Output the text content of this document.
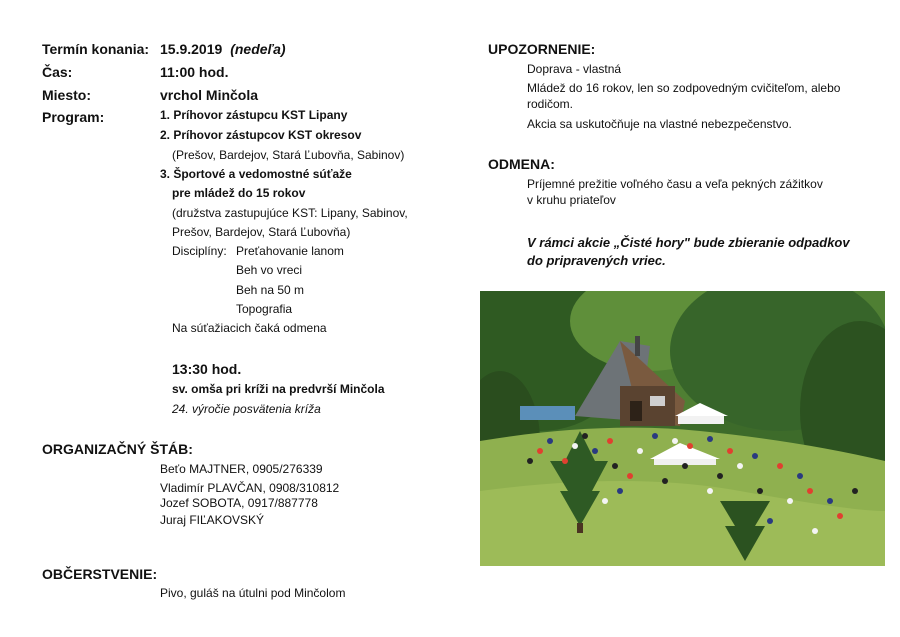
Termín konania: 15.9.2019 (nedeľa)
Čas:	11:00 hod.
Miesto:	vrchol Minčola
Program:	1. Príhovor zástupcu KST Lipany
2. Príhovor zástupcov KST okresov
(Prešov, Bardejov, Stará Ľubovňa, Sabinov)
3. Športové a vedomostné súťaže
pre mládež do 15 rokov
(družstva zastupujúce KST: Lipany, Sabinov,
Prešov, Bardejov, Stará Ľubovňa)
Disciplíny: Preťahovanie lanom
Beh vo vreci
Beh na 50 m
Topografia
Na súťažiacich čaká odmena
13:30 hod.
sv. omša pri kríži na predvrší Minčola
24. výročie posvätenia kríža
ORGANIZAČNÝ ŠTÁB:
Beťo MAJTNER, 0905/276339
Vladimír PLAVČAN, 0908/310812
Jozef SOBOTA, 0917/887778
Juraj FIĽAKOVSKÝ
OBČERSTVENIE:
Pivo, guláš na útulni pod Minčolom
UPOZORNENIE:
Doprava - vlastná
Mládež do 16 rokov, len so zodpovedným cvičiteľom, alebo
rodičom.
Akcia sa uskutočňuje na vlastné nebezpečenstvo.
ODMENA:
Príjemné prežitie voľného času a veľa pekných zážitkov
v kruhu priateľov
V rámci akcie „Čisté hory" bude zbieranie odpadkov
do pripravených vriec.
